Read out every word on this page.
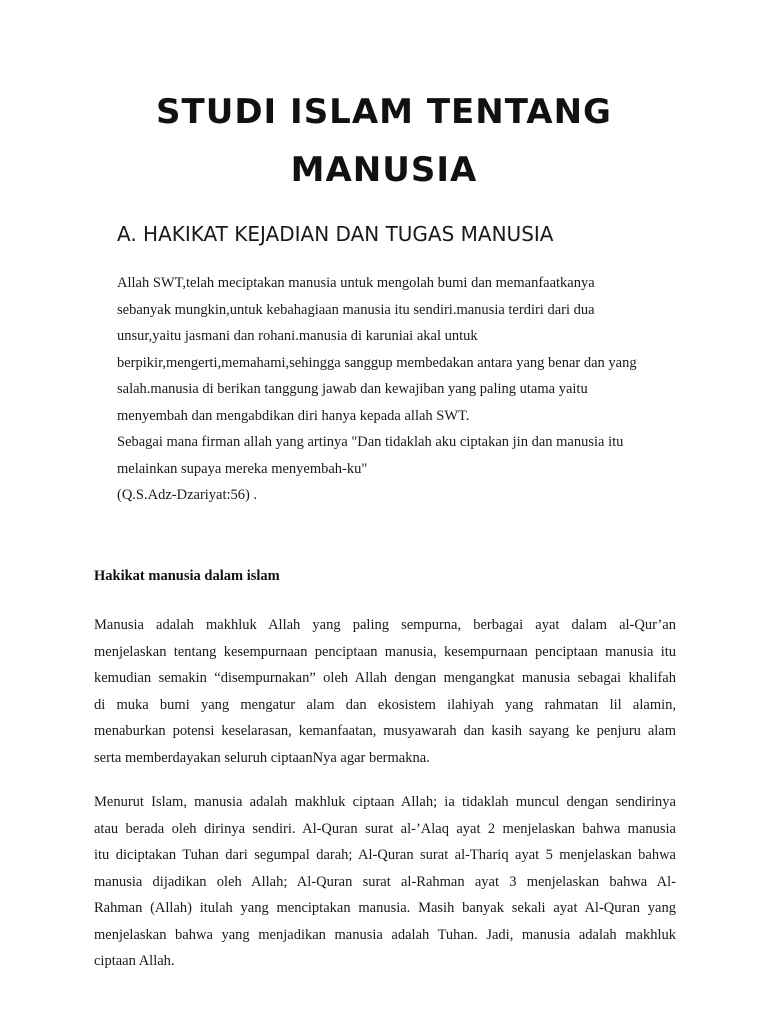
STUDI ISLAM TENTANG
MANUSIA
A. HAKIKAT KEJADIAN DAN TUGAS MANUSIA
Allah SWT,telah meciptakan manusia untuk mengolah bumi dan memanfaatkanya
sebanyak mungkin,untuk kebahagiaan manusia itu sendiri.manusia terdiri dari dua
unsur,yaitu jasmani dan rohani.manusia di karuniai akal untuk
berpikir,mengerti,memahami,sehingga sanggup membedakan antara yang benar dan yang
salah.manusia di berikan tanggung jawab dan kewajiban yang paling utama yaitu
menyembah dan mengabdikan diri hanya kepada allah SWT.
Sebagai mana firman allah yang artinya "Dan tidaklah aku ciptakan jin dan manusia itu
melainkan supaya mereka menyembah-ku"
(Q.S.Adz-Dzariyat:56) .
Hakikat manusia dalam islam
Manusia adalah makhluk Allah yang paling sempurna, berbagai ayat dalam al-Qur’an
menjelaskan tentang kesempurnaan penciptaan manusia, kesempurnaan penciptaan manusia itu
kemudian semakin “disempurnakan” oleh Allah dengan mengangkat manusia sebagai khalifah
di muka bumi yang mengatur alam dan ekosistem ilahiyah yang rahmatan lil alamin,
menaburkan potensi keselarasan, kemanfaatan, musyawarah dan kasih sayang ke penjuru alam
serta memberdayakan seluruh ciptaanNya agar bermakna.
Menurut Islam, manusia adalah makhluk ciptaan Allah; ia tidaklah muncul dengan sendirinya
atau berada oleh dirinya sendiri. Al-Quran surat al-’Alaq ayat 2 menjelaskan bahwa manusia
itu diciptakan Tuhan dari segumpal darah; Al-Quran surat al-Thariq ayat 5 menjelaskan bahwa
manusia dijadikan oleh Allah; Al-Quran surat al-Rahman ayat 3 menjelaskan bahwa Al-
Rahman (Allah) itulah yang menciptakan manusia. Masih banyak sekali ayat Al-Quran yang
menjelaskan bahwa yang menjadikan manusia adalah Tuhan. Jadi, manusia adalah makhluk
ciptaan Allah.
